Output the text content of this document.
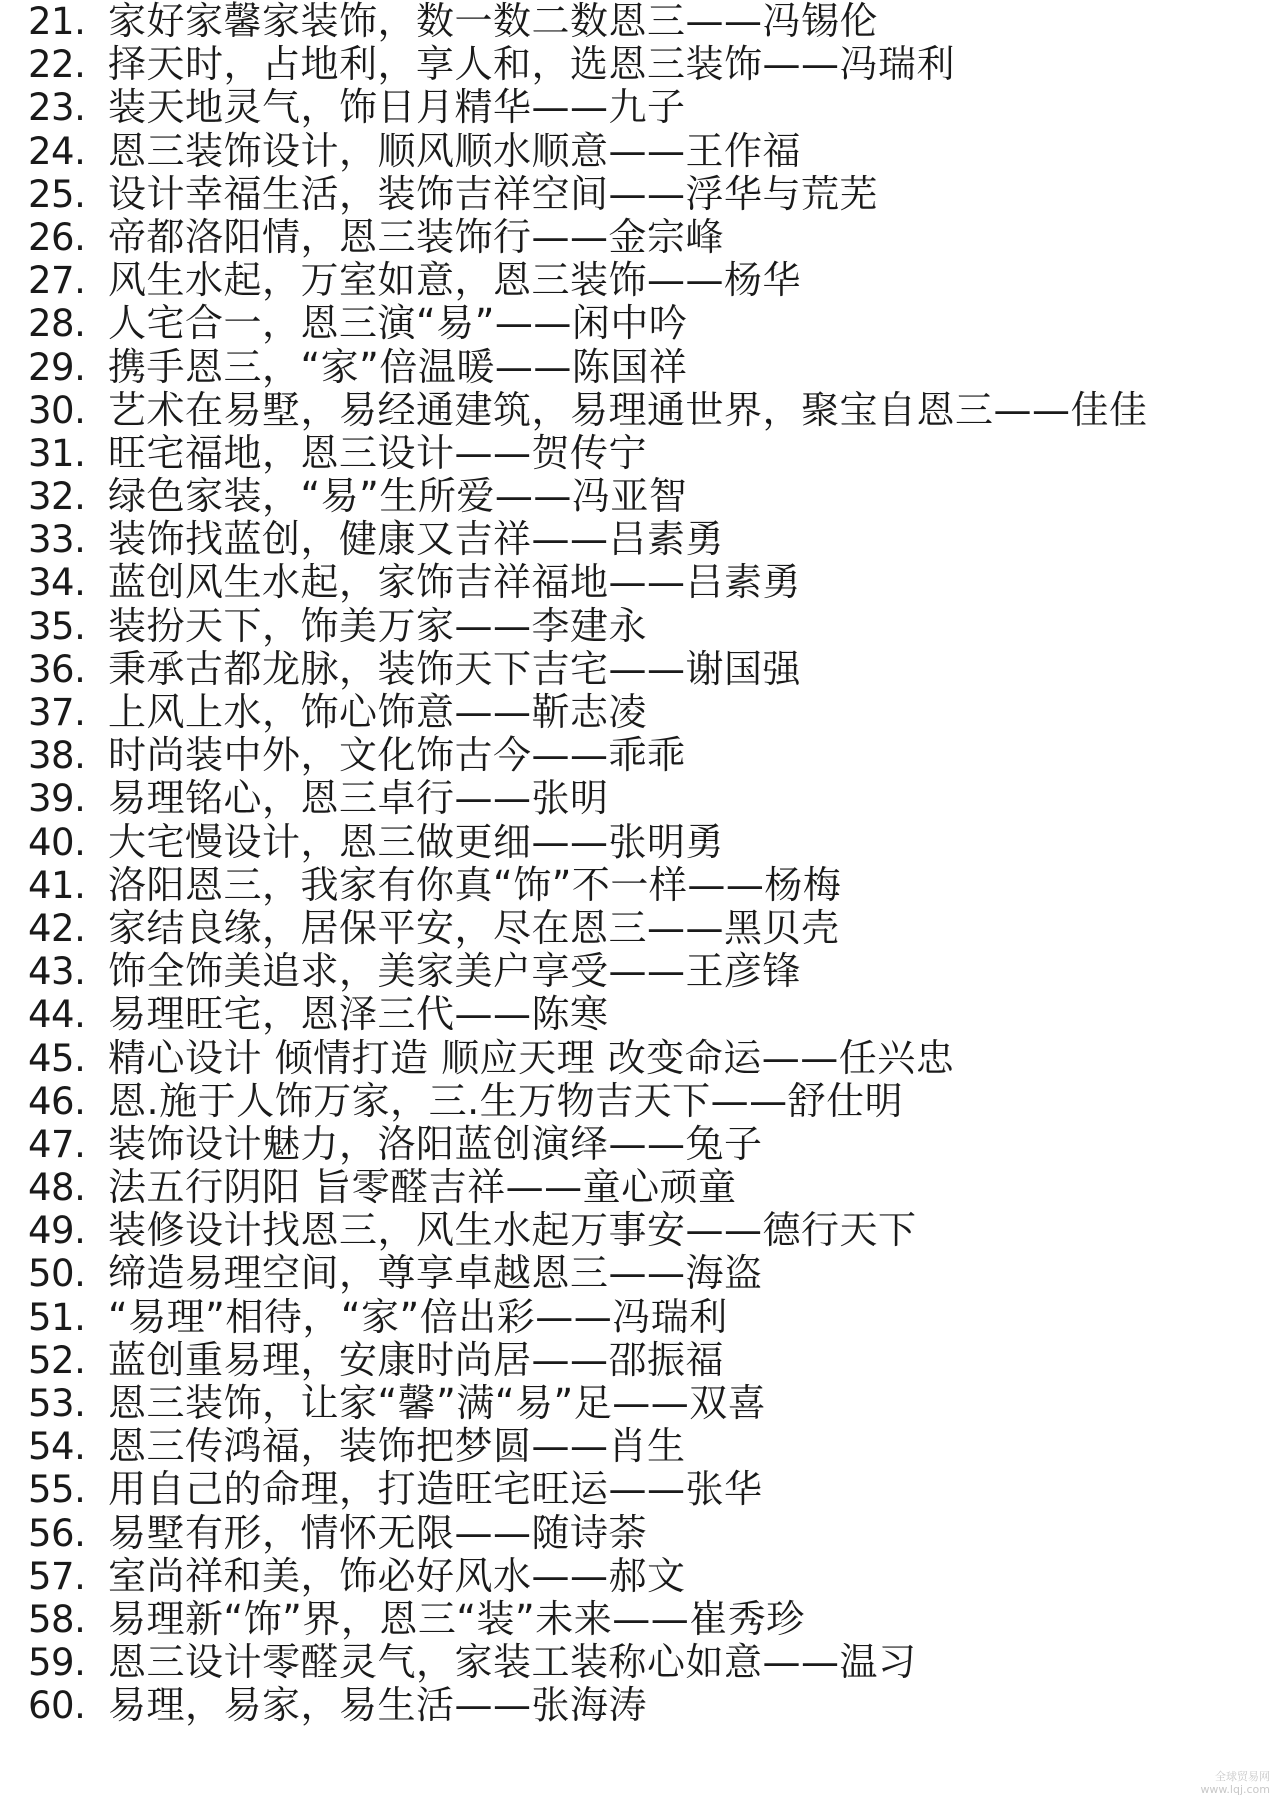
21. 家好家馨家装饰，数一数二数恩三——冯锡伦
22. 择天时，占地利，享人和，选恩三装饰——冯瑞利
23. 装天地灵气，饰日月精华——九子
24. 恩三装饰设计，顺风顺水顺意——王作福
25. 设计幸福生活，装饰吉祥空间——浮华与荒芜
26. 帝都洛阳情，恩三装饰行——金宗峰
27. 风生水起，万室如意，恩三装饰——杨华
28. 人宅合一，恩三演“易”——闲中吟
29. 携手恩三，“家”倍温暖——陈国祥
30. 艺术在易墅，易经通建筑，易理通世界，聚宝自恩三——佳佳
31. 旺宅福地，恩三设计——贺传宁
32. 绿色家装，“易”生所爱——冯亚智
33. 装饰找蓝创，健康又吉祥——吕素勇
34. 蓝创风生水起，家饰吉祥福地——吕素勇
35. 装扮天下，饰美万家——李建永
36. 秉承古都龙脉，装饰天下吉宅——谢国强
37. 上风上水，饰心饰意——靳志凌
38. 时尚装中外，文化饰古今——乖乖
39. 易理铭心，恩三卓行——张明
40. 大宅慢设计，恩三做更细——张明勇
41. 洛阳恩三，我家有你真“饰”不一样——杨梅
42. 家结良缘，居保平安，尽在恩三——黑贝壳
43. 饰全饰美追求，美家美户享受——王彦锋
44. 易理旺宅，恩泽三代——陈寒
45. 精心设计 倾情打造 顺应天理 改变命运——任兴忠
46. 恩.施于人饰万家，三.生万物吉天下——舒仕明
47. 装饰设计魅力，洛阳蓝创演绎——兔子
48. 法五行阴阳 旨零醛吉祥——童心顽童
49. 装修设计找恩三，风生水起万事安——德行天下
50. 缔造易理空间，尊享卓越恩三——海盗
51. “易理”相待，“家”倍出彩——冯瑞利
52. 蓝创重易理，安康时尚居——邵振福
53. 恩三装饰，让家“馨”满“易”足——双喜
54. 恩三传鸿福，装饰把梦圆——肖生
55. 用自己的命理，打造旺宅旺运——张华
56. 易墅有形，情怀无限——随诗荼
57. 室尚祥和美，饰必好风水——郝文
58. 易理新“饰”界，恩三“装”未来——崔秀珍
59. 恩三设计零醛灵气，家装工装称心如意——温习
60. 易理，易家，易生活——张海涛
全球贸易网
www.lqj.com
